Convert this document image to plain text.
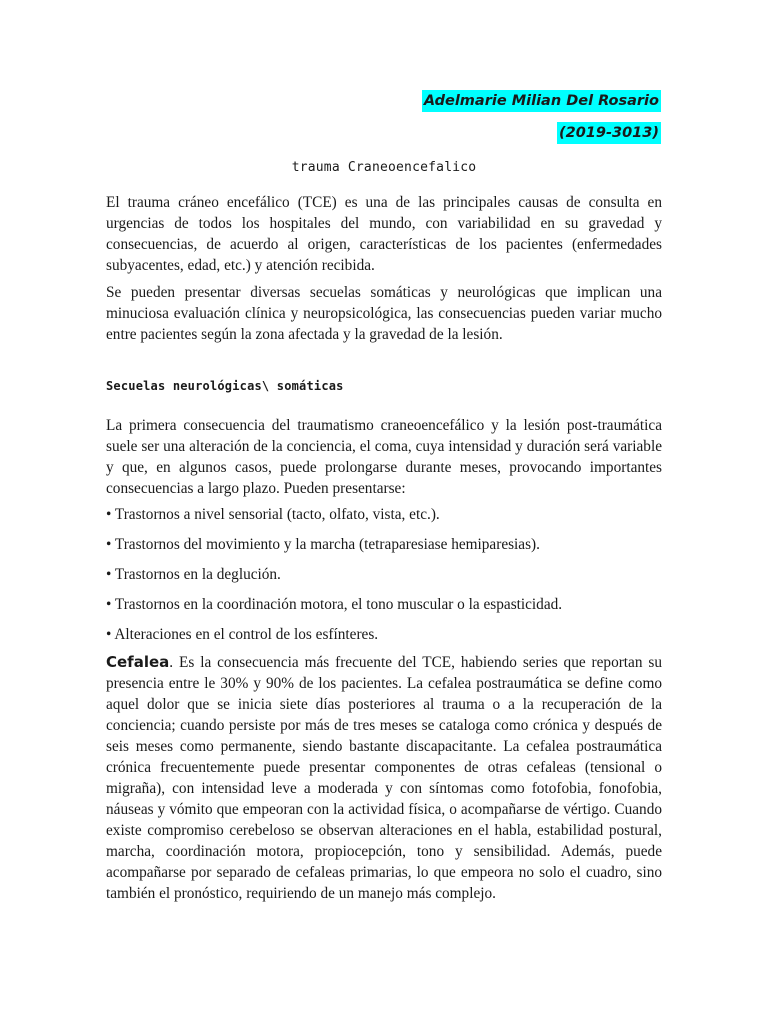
Adelmarie Milian Del Rosario
(2019-3013)
trauma Craneoencefalico

El trauma cráneo encefálico (TCE) es una de las principales causas de consulta en urgencias de todos los hospitales del mundo, con variabilidad en su gravedad y consecuencias, de acuerdo al origen, características de los pacientes (enfermedades subyacentes, edad, etc.) y atención recibida.

Se pueden presentar diversas secuelas somáticas y neurológicas que implican una minuciosa evaluación clínica y neuropsicológica, las consecuencias pueden variar mucho entre pacientes según la zona afectada y la gravedad de la lesión.

Secuelas neurológicas\ somáticas

La primera consecuencia del traumatismo craneoencefálico y la lesión post-traumática suele ser una alteración de la conciencia, el coma, cuya intensidad y duración será variable y que, en algunos casos, puede prolongarse durante meses, provocando importantes consecuencias a largo plazo. Pueden presentarse:

• Trastornos a nivel sensorial (tacto, olfato, vista, etc.).
• Trastornos del movimiento y la marcha (tetraparesiase hemiparesias).
• Trastornos en la deglución.
• Trastornos en la coordinación motora, el tono muscular o la espasticidad.
• Alteraciones en el control de los esfínteres.

Cefalea. Es la consecuencia más frecuente del TCE, habiendo series que reportan su presencia entre le 30% y 90% de los pacientes. La cefalea postraumática se define como aquel dolor que se inicia siete días posteriores al trauma o a la recuperación de la conciencia; cuando persiste por más de tres meses se cataloga como crónica y después de seis meses como permanente, siendo bastante discapacitante. La cefalea postraumática crónica frecuentemente puede presentar componentes de otras cefaleas (tensional o migraña), con intensidad leve a moderada y con síntomas como fotofobia, fonofobia, náuseas y vómito que empeoran con la actividad física, o acompañarse de vértigo. Cuando existe compromiso cerebeloso se observan alteraciones en el habla, estabilidad postural, marcha, coordinación motora, propiocepción, tono y sensibilidad. Además, puede acompañarse por separado de cefaleas primarias, lo que empeora no solo el cuadro, sino también el pronóstico, requiriendo de un manejo más complejo.
